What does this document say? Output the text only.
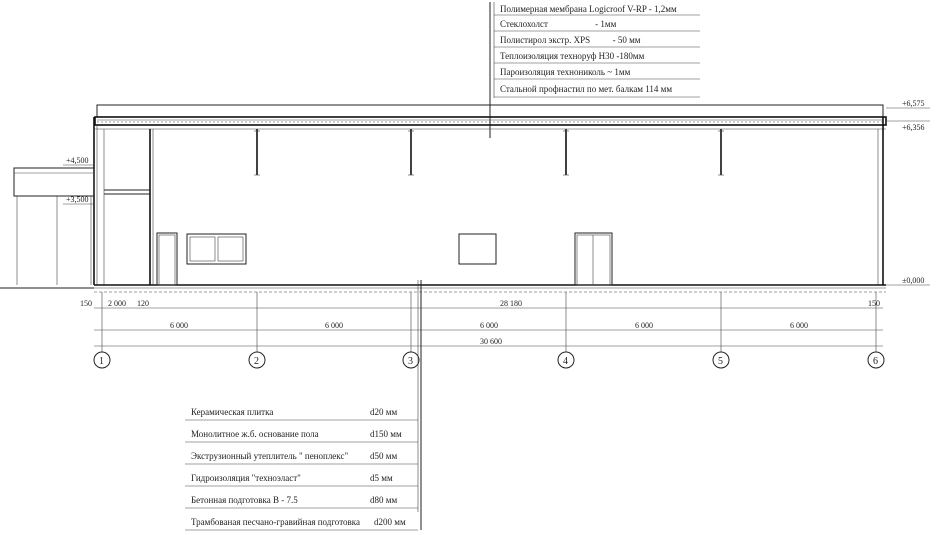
Полимерная мембрана Logicroof V-RP - 1,2мм
Стеклохолст                     - 1мм
Полистирол экстр. XPS          - 50 мм
Теплоизоляция техноруф Н30 -180мм
Пароизоляция технониколь ~ 1мм
Стальной профнастил по мет. балкам 114 мм
+4,500
+3,500
+6,575
+6,356
±0,000
150 2 000 120	28 180	150
6 000	6 000	6 000	6 000	6 000
30 600
1	2	3	4	5	6
Керамическая плитка	d20 мм
Монолитное ж.б. основание пола	d150 мм
Экструзионный утеплитель " пеноплекс" d50 мм
Гидроизоляция "техноэласт"	d5 мм
Бетонная подготовка B - 7.5	d80 мм
Трамбованая песчано-гравийная подготовка d200 мм
